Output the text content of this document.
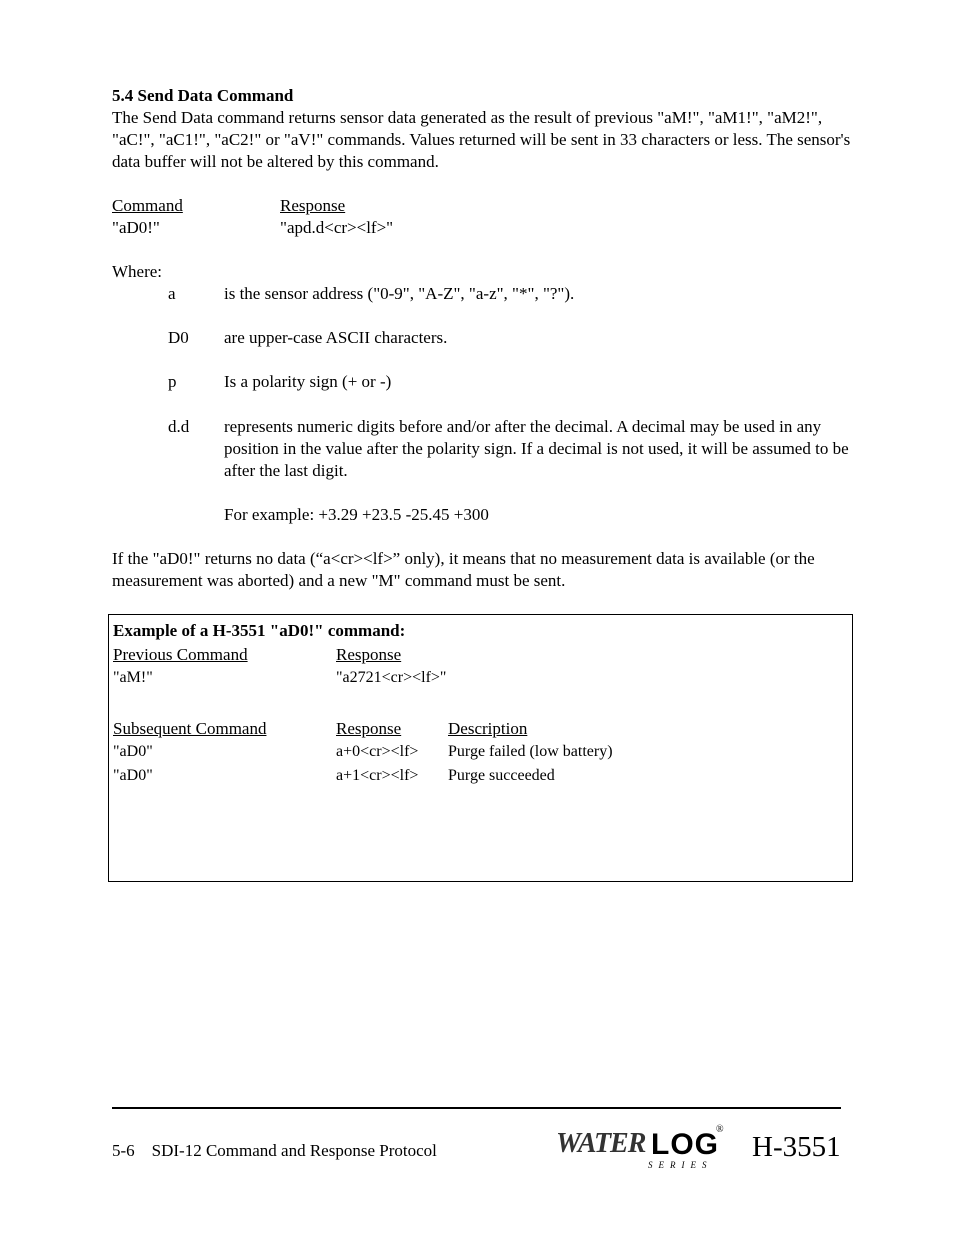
5.4 Send Data Command
The Send Data command returns sensor data generated as the result of previous "aM!", "aM1!", "aM2!", "aC!", "aC1!", "aC2!" or "aV!" commands. Values returned will be sent in 33 characters or less. The sensor's data buffer will not be altered by this command.
Command	Response
"aD0!"	"apd.d<cr><lf>"
Where:
a	is the sensor address ("0-9", "A-Z", "a-z", "*", "?").
D0 are upper-case ASCII characters.
p	Is a polarity sign (+ or -)
d.d represents numeric digits before and/or after the decimal. A decimal may be used in any position in the value after the polarity sign. If a decimal is not used, it will be assumed to be after the last digit.
For example: +3.29 +23.5 -25.45 +300
If the "aD0!" returns no data (“a<cr><lf>” only), it means that no measurement data is available (or the measurement was aborted) and a new "M" command must be sent.
Example of a H-3551 "aD0!" command:
Previous Command	Response
"aM!"	"a2721<cr><lf>"
Subsequent Command	Response	Description
"aD0"	a+0<cr><lf> Purge failed (low battery)
"aD0"	a+1<cr><lf> Purge succeeded
5-6    SDI-12 Command and Response Protocol	WATER LOG
SERIES
®
H-3551
